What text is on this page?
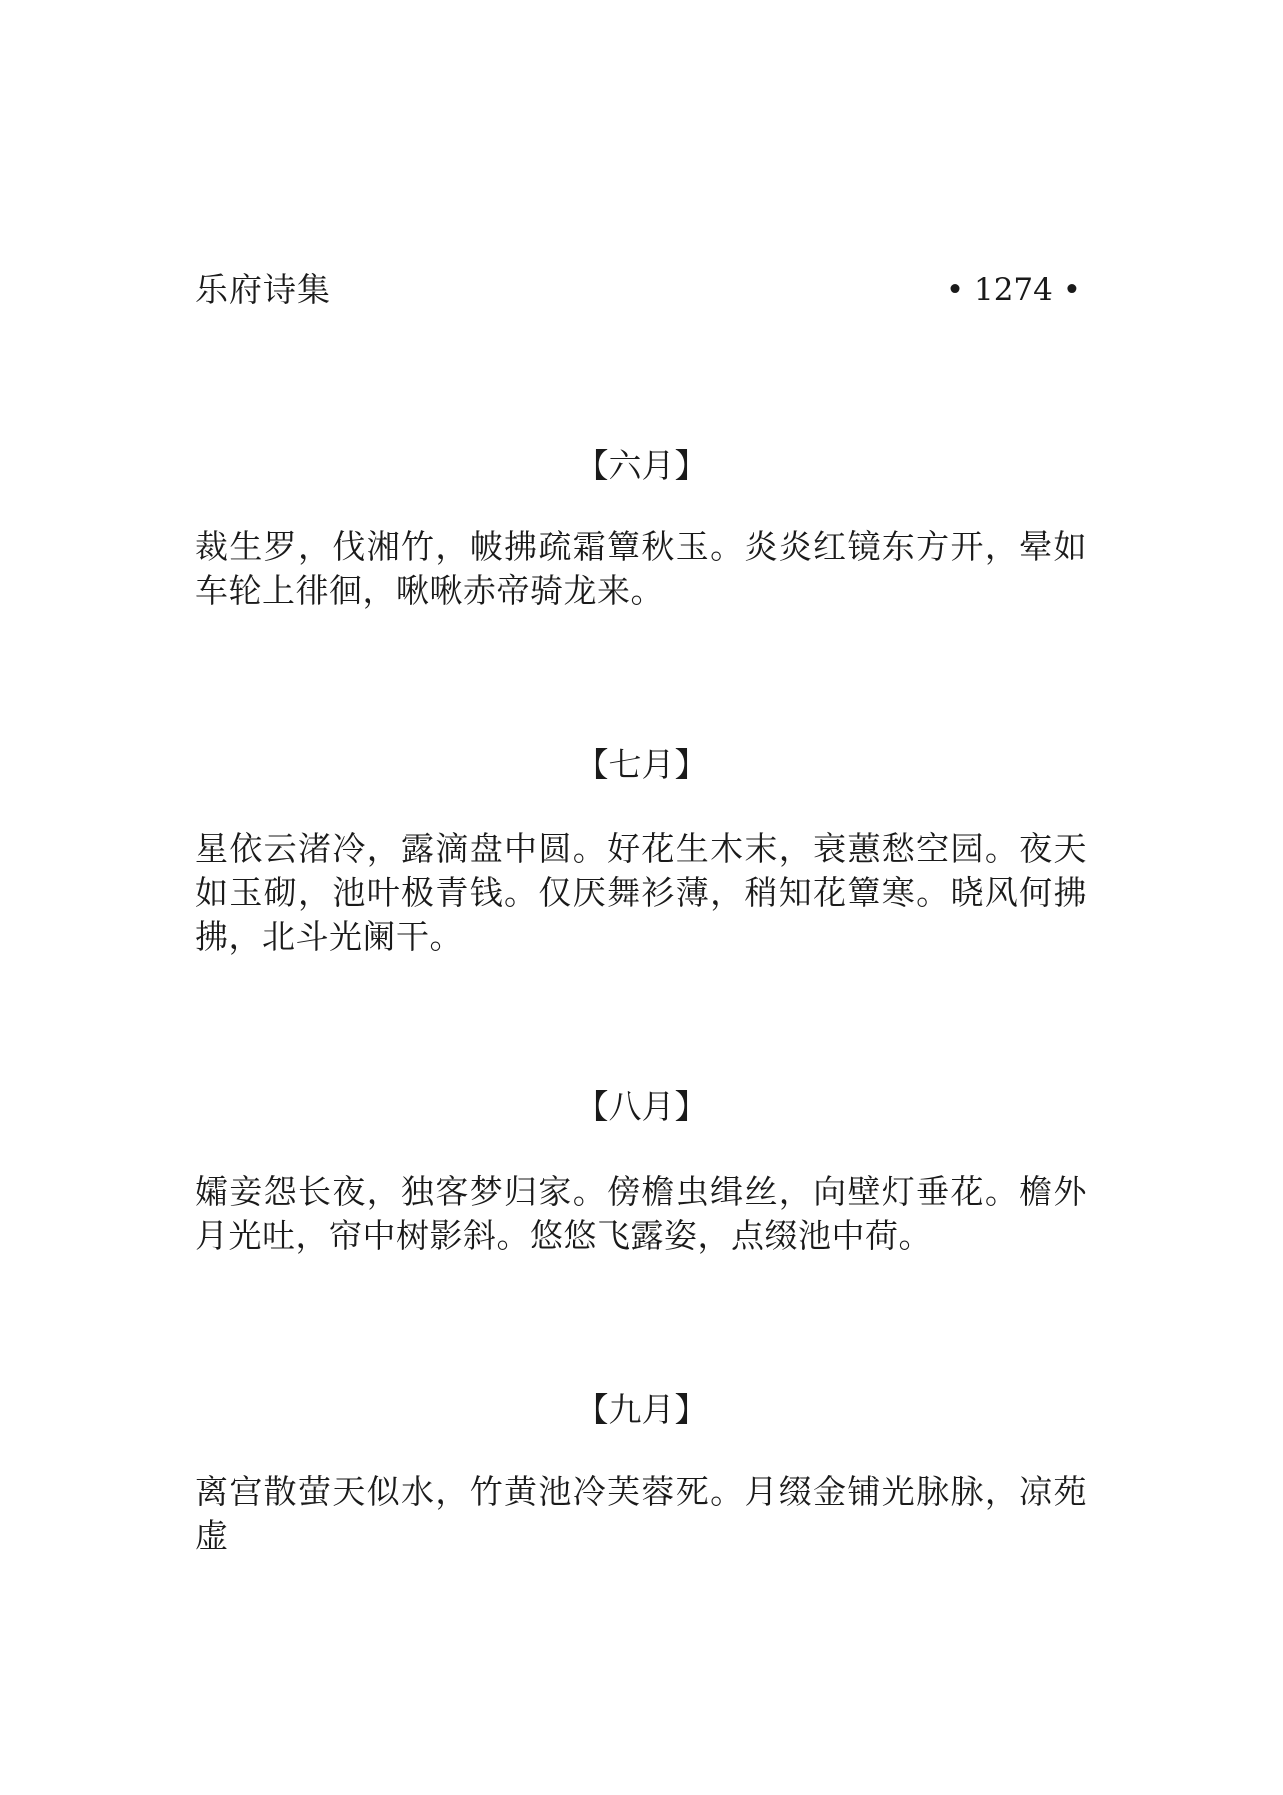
乐府诗集	• 1274 •
【六月】
裁生罗，伐湘竹，帔拂疏霜簟秋玉。炎炎红镜东方开，晕如车轮上徘徊，啾啾赤帝骑龙来。
【七月】
星依云渚冷，露滴盘中圆。好花生木末，衰蕙愁空园。夜天如玉砌，池叶极青钱。仅厌舞衫薄，稍知花簟寒。晓风何拂拂，北斗光阑干。
【八月】
孀妾怨长夜，独客梦归家。傍檐虫缉丝，向壁灯垂花。檐外月光吐，帘中树影斜。悠悠飞露姿，点缀池中荷。
【九月】
离宫散萤天似水，竹黄池冷芙蓉死。月缀金铺光脉脉，凉苑虚
